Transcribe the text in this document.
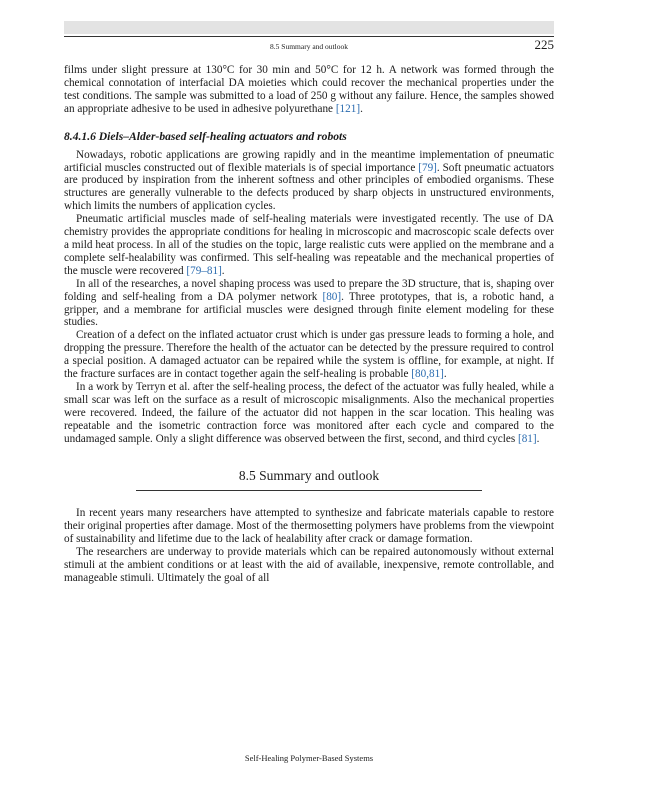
8.5 Summary and outlook	225

films under slight pressure at 130°C for 30 min and 50°C for 12 h. A network was formed through the chemical connotation of interfacial DA moieties which could recover the mechanical properties under the test conditions. The sample was submitted to a load of 250 g without any failure. Hence, the samples showed an appropriate adhesive to be used in adhesive polyurethane [121].

8.4.1.6 Diels–Alder-based self-healing actuators and robots

Nowadays, robotic applications are growing rapidly and in the meantime implementation of pneumatic artificial muscles constructed out of flexible materials is of special importance [79]. Soft pneumatic actuators are produced by inspiration from the inherent softness and other principles of embodied organisms. These structures are generally vulnerable to the defects produced by sharp objects in unstructured environments, which limits the numbers of application cycles.

Pneumatic artificial muscles made of self-healing materials were investigated recently. The use of DA chemistry provides the appropriate conditions for healing in microscopic and macroscopic scale defects over a mild heat process. In all of the studies on the topic, large realistic cuts were applied on the membrane and a complete self-healability was confirmed. This self-healing was repeatable and the mechanical properties of the muscle were recovered [79–81].

In all of the researches, a novel shaping process was used to prepare the 3D structure, that is, shaping over folding and self-healing from a DA polymer network [80]. Three prototypes, that is, a robotic hand, a gripper, and a membrane for artificial muscles were designed through finite element modeling for these studies.

Creation of a defect on the inflated actuator crust which is under gas pressure leads to forming a hole, and dropping the pressure. Therefore the health of the actuator can be detected by the pressure required to control a special position. A damaged actuator can be repaired while the system is offline, for example, at night. If the fracture surfaces are in contact together again the self-healing is probable [80,81].

In a work by Terryn et al. after the self-healing process, the defect of the actuator was fully healed, while a small scar was left on the surface as a result of microscopic misalignments. Also the mechanical properties were recovered. Indeed, the failure of the actuator did not happen in the scar location. This healing was repeatable and the isometric contraction force was monitored after each cycle and compared to the undamaged sample. Only a slight difference was observed between the first, second, and third cycles [81].

8.5 Summary and outlook

In recent years many researchers have attempted to synthesize and fabricate materials capable to restore their original properties after damage. Most of the thermosetting polymers have problems from the viewpoint of sustainability and lifetime due to the lack of healability after crack or damage formation.

The researchers are underway to provide materials which can be repaired autonomously without external stimuli at the ambient conditions or at least with the aid of available, inexpensive, remote controllable, and manageable stimuli. Ultimately the goal of all

Self-Healing Polymer-Based Systems
